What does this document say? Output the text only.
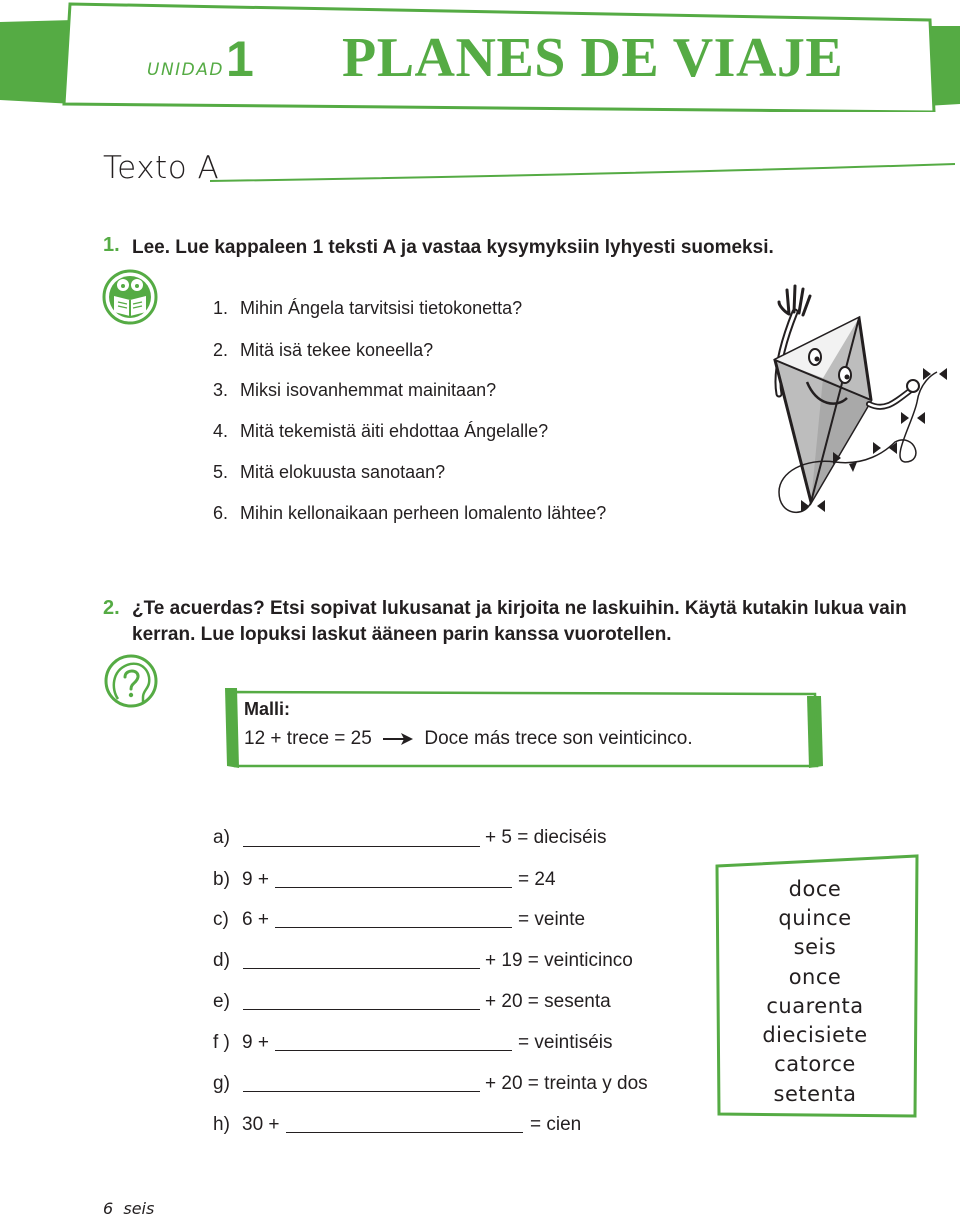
UNIDAD 1 PLANES DE VIAJE
Texto A
1. Lee. Lue kappaleen 1 teksti A ja vastaa kysymyksiin lyhyesti suomeksi.
1. Mihin Ángela tarvitsisi tietokonetta?
2. Mitä isä tekee koneella?
3. Miksi isovanhemmat mainitaan?
4. Mitä tekemistä äiti ehdottaa Ángelalle?
5. Mitä elokuusta sanotaan?
6. Mihin kellonaikaan perheen lomalento lähtee?
2. ¿Te acuerdas? Etsi sopivat lukusanat ja kirjoita ne laskuihin. Käytä kutakin lukua vain
kerran. Lue lopuksi laskut ääneen parin kanssa vuorotellen.
Malli:
12 + trece = 25	Doce más trece son veinticinco.
a)	+ 5 = dieciséis
b) 9 +	= 24
c) 6 +	= veinte
d)	+ 19 = veinticinco
e)	+ 20 = sesenta
f ) 9 +	= veintiséis
g)	+ 20 = treinta y dos
h) 30 +	= cien
doce
quince
seis
once
cuarenta
diecisiete
catorce
setenta
6 seis
